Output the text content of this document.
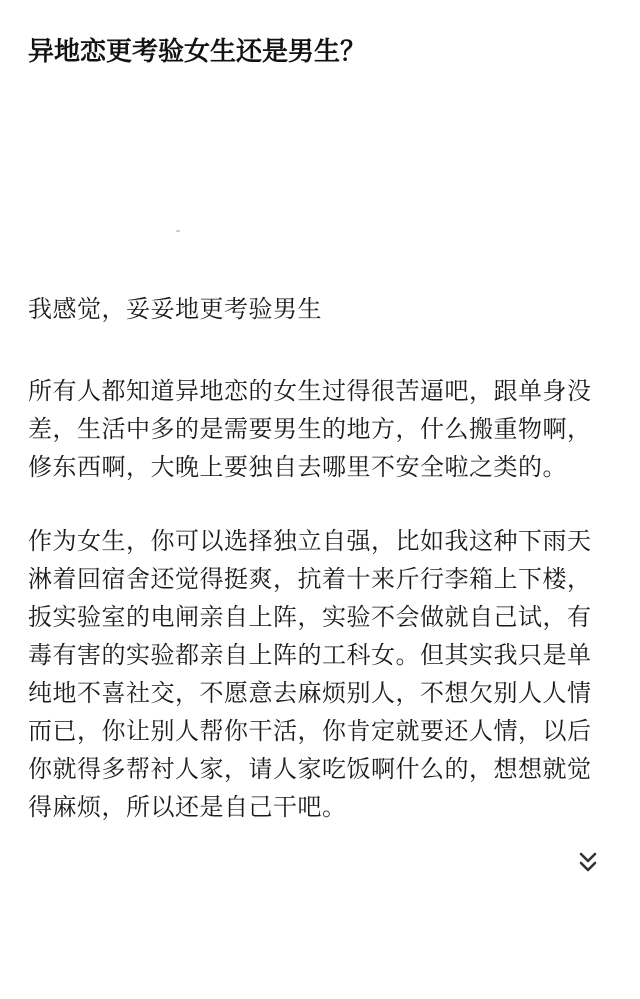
异地恋更考验女生还是男生？

我感觉，妥妥地更考验男生

所有人都知道异地恋的女生过得很苦逼吧，跟单身没差，生活中多的是需要男生的地方，什么搬重物啊，修东西啊，大晚上要独自去哪里不安全啦之类的。

作为女生，你可以选择独立自强，比如我这种下雨天淋着回宿舍还觉得挺爽，抗着十来斤行李箱上下楼，扳实验室的电闸亲自上阵，实验不会做就自己试，有毒有害的实验都亲自上阵的工科女。但其实我只是单纯地不喜社交，不愿意去麻烦别人，不想欠别人人情而已，你让别人帮你干活，你肯定就要还人情，以后你就得多帮衬人家，请人家吃饭啊什么的，想想就觉得麻烦，所以还是自己干吧。
